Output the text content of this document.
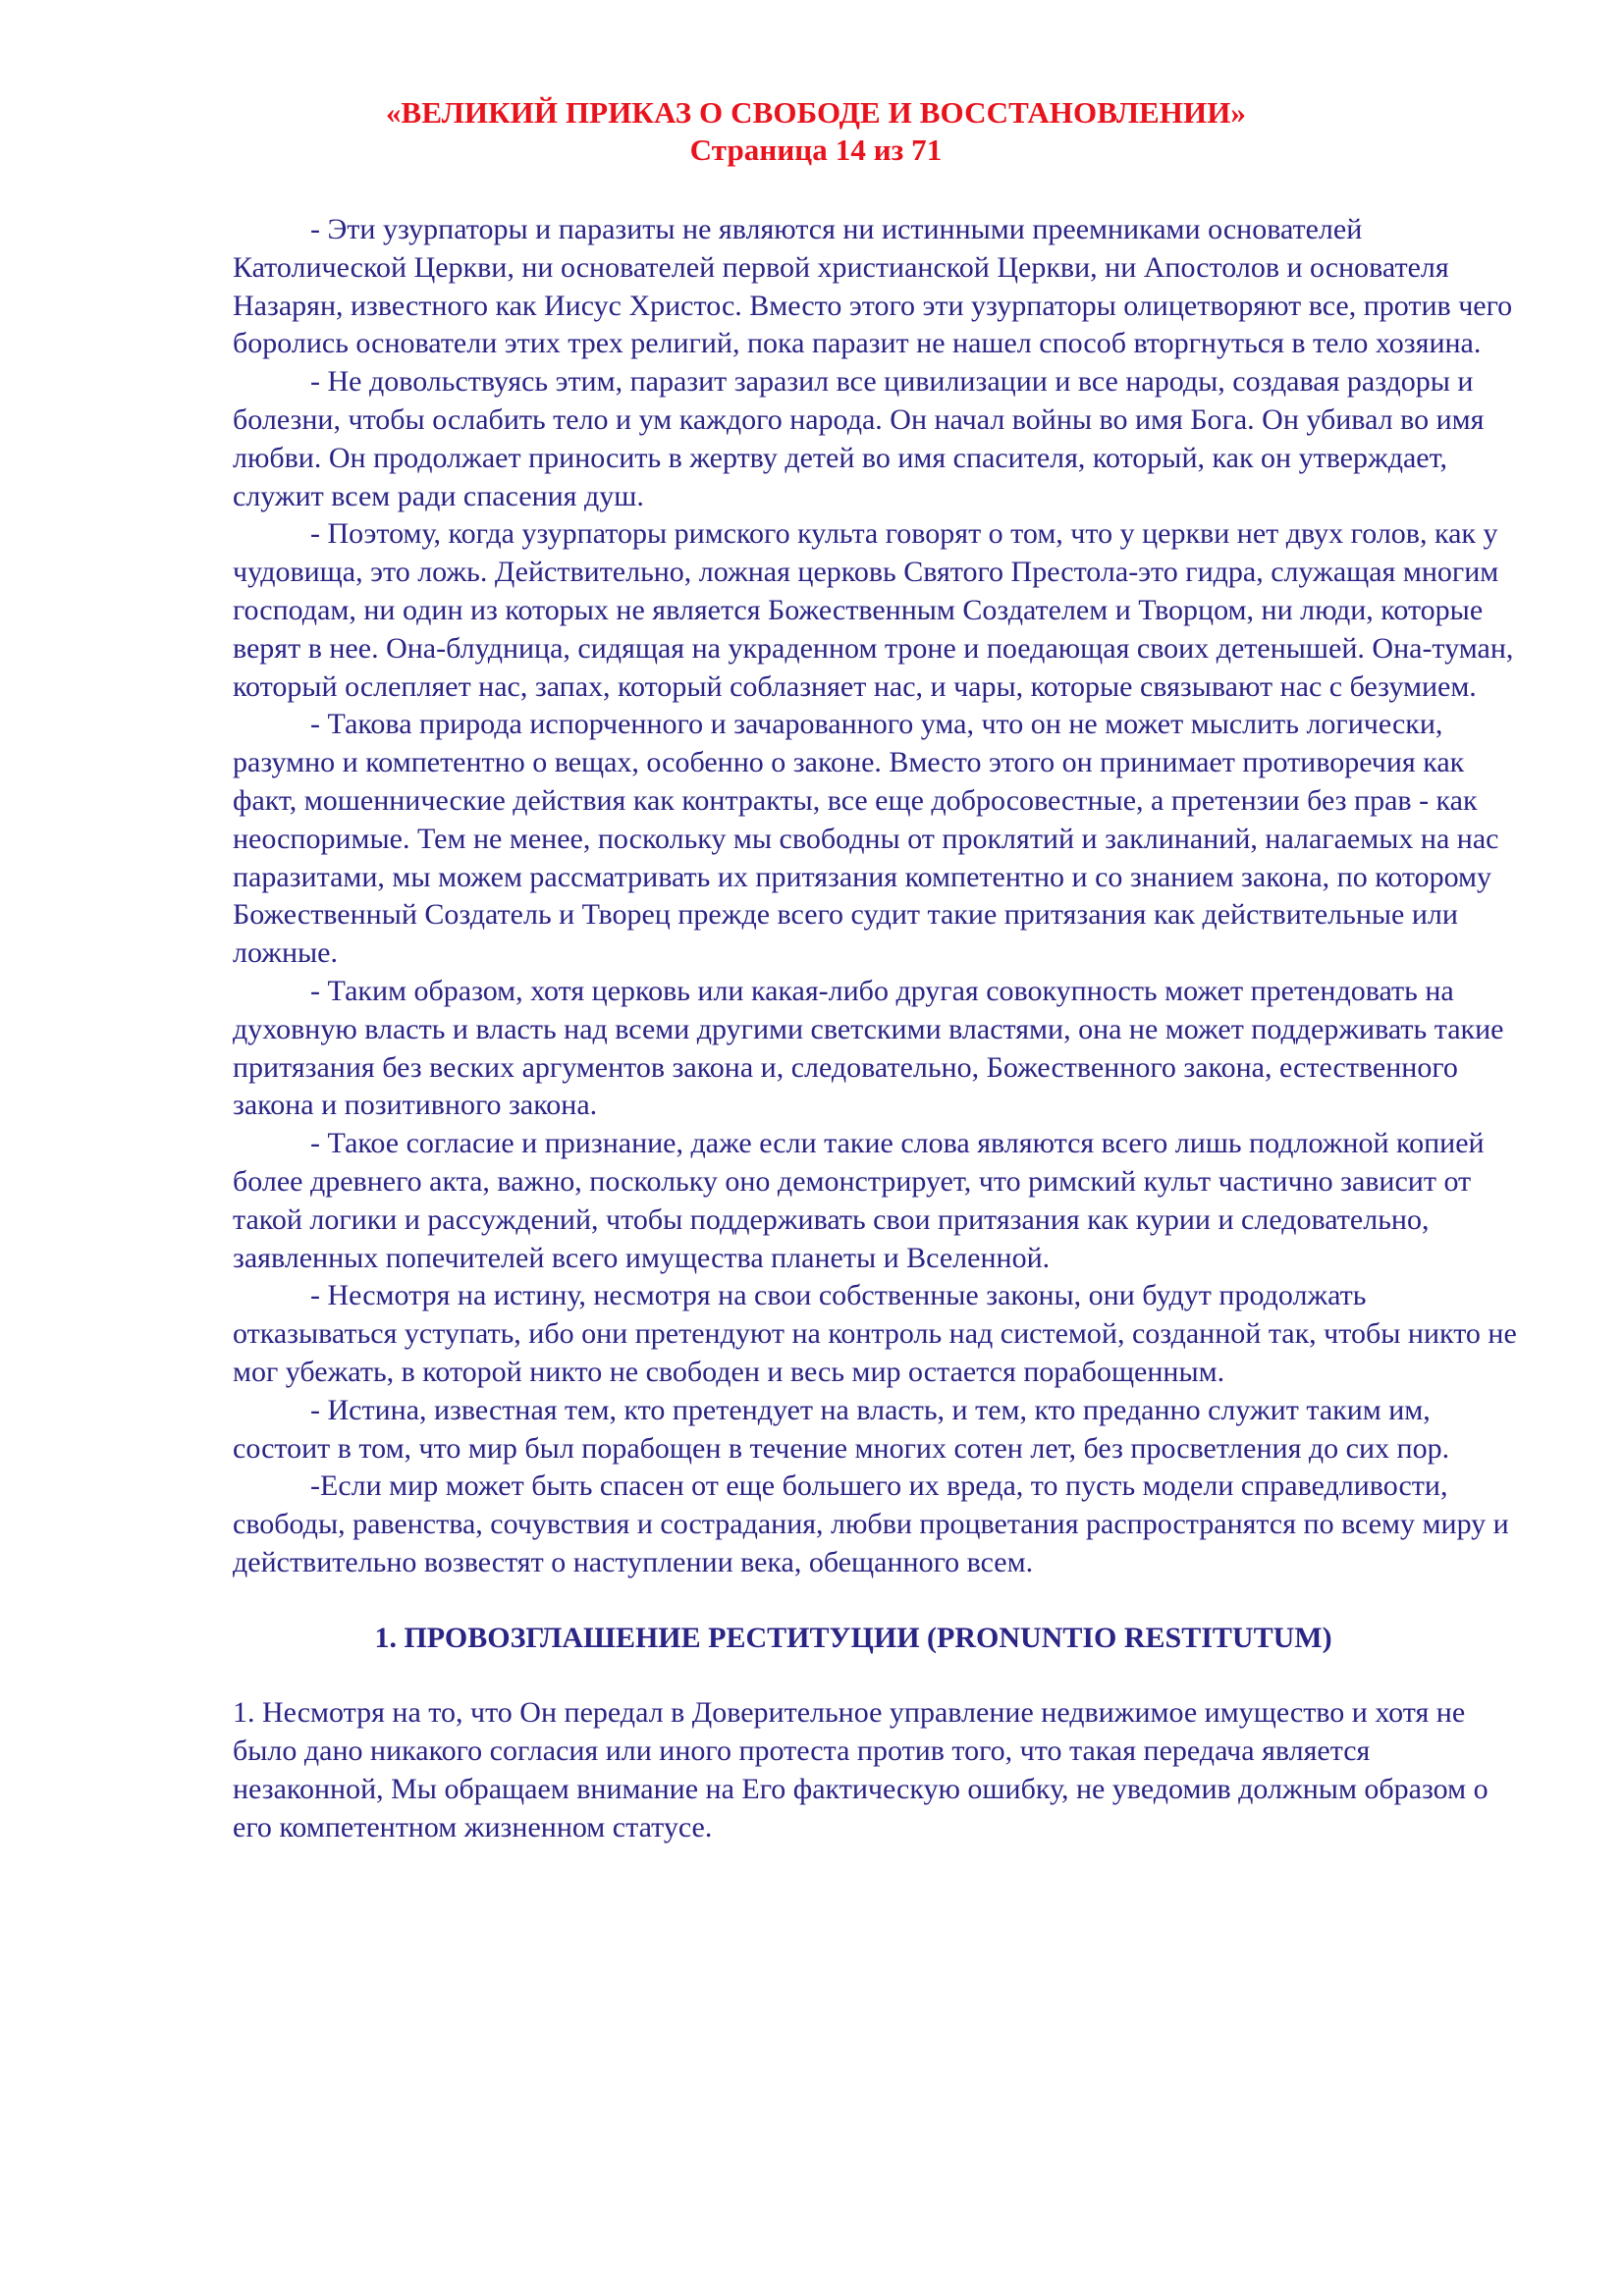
«ВЕЛИКИЙ ПРИКАЗ О СВОБОДЕ И ВОССТАНОВЛЕНИИ»
Страница 14 из 71

- Эти узурпаторы и паразиты не являются ни истинными преемниками основателей Католической Церкви, ни основателей первой христианской Церкви, ни Апостолов и основателя Назарян, известного как Иисус Христос. Вместо этого эти узурпаторы олицетворяют все, против чего боролись основатели этих трех религий, пока паразит не нашел способ вторгнуться в тело хозяина.

- Не довольствуясь этим, паразит заразил все цивилизации и все народы, создавая раздоры и болезни, чтобы ослабить тело и ум каждого народа. Он начал войны во имя Бога. Он убивал во имя любви. Он продолжает приносить в жертву детей во имя спасителя, который, как он утверждает, служит всем ради спасения душ.

- Поэтому, когда узурпаторы римского культа говорят о том, что у церкви нет двух голов, как у чудовища, это ложь. Действительно, ложная церковь Святого Престола-это гидра, служащая многим господам, ни один из которых не является Божественным Создателем и Творцом, ни люди, которые верят в нее. Она-блудница, сидящая на украденном троне и поедающая своих детенышей. Она-туман, который ослепляет нас, запах, который соблазняет нас, и чары, которые связывают нас с безумием.

- Такова природа испорченного и зачарованного ума, что он не может мыслить логически, разумно и компетентно о вещах, особенно о законе. Вместо этого он принимает противоречия как факт, мошеннические действия как контракты, все еще добросовестные, а претензии без прав - как неоспоримые. Тем не менее, поскольку мы свободны от проклятий и заклинаний, налагаемых на нас паразитами, мы можем рассматривать их притязания компетентно и со знанием закона, по которому Божественный Создатель и Творец прежде всего судит такие притязания как действительные или ложные.

- Таким образом, хотя церковь или какая-либо другая совокупность может претендовать на духовную власть и власть над всеми другими светскими властями, она не может поддерживать такие притязания без веских аргументов закона и, следовательно, Божественного закона, естественного закона и позитивного закона.

- Такое согласие и признание, даже если такие слова являются всего лишь подложной копией более древнего акта, важно, поскольку оно демонстрирует, что римский культ частично зависит от такой логики и рассуждений, чтобы поддерживать свои притязания как курии и следовательно, заявленных попечителей всего имущества планеты и Вселенной.

- Несмотря на истину, несмотря на свои собственные законы, они будут продолжать отказываться уступать, ибо они претендуют на контроль над системой, созданной так, чтобы никто не мог убежать, в которой никто не свободен и весь мир остается порабощенным.

- Истина, известная тем, кто претендует на власть, и тем, кто преданно служит таким им, состоит в том, что мир был порабощен в течение многих сотен лет, без просветления до сих пор.

-Если мир может быть спасен от еще большего их вреда, то пусть модели справедливости, свободы, равенства, сочувствия и сострадания, любви процветания распространятся по всему миру и действительно возвестят о наступлении века, обещанного всем.

1. ПРОВОЗГЛАШЕНИЕ РЕСТИТУЦИИ (PRONUNTIO RESTITUTUM)

1. Несмотря на то, что Он передал в Доверительное управление недвижимое имущество и хотя не было дано никакого согласия или иного протеста против того, что такая передача является незаконной, Мы обращаем внимание на Его фактическую ошибку, не уведомив должным образом о его компетентном жизненном статусе.
